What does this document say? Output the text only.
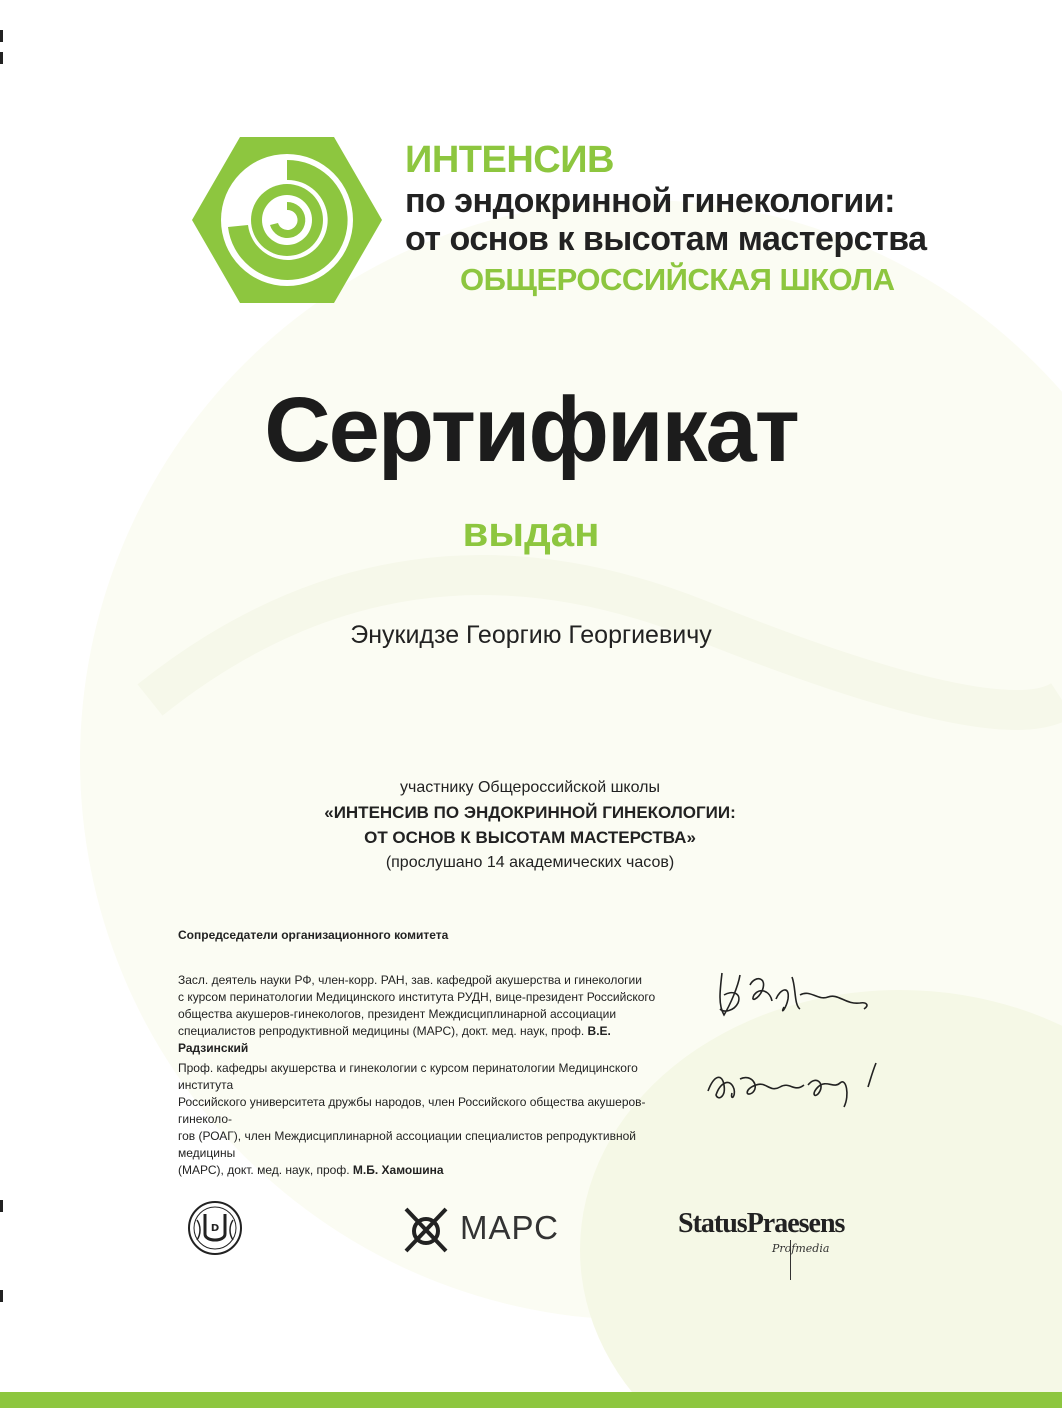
ИНТЕНСИВ
по эндокринной гинекологии:
от основ к высотам мастерства
ОБЩЕРОССИЙСКАЯ ШКОЛА
Сертификат
выдан
Энукидзе Георгию Георгиевичу
участнику Общероссийской школы
«ИНТЕНСИВ ПО ЭНДОКРИННОЙ ГИНЕКОЛОГИИ:
ОТ ОСНОВ К ВЫСОТАМ МАСТЕРСТВА»
(прослушано 14 академических часов)
Сопредседатели организационного комитета
Засл. деятель науки РФ, член-корр. РАН, зав. кафедрой акушерства и гинекологии
с курсом перинатологии Медицинского института РУДН, вице-президент Российского
общества акушеров-гинекологов, президент Междисциплинарной ассоциации
специалистов репродуктивной медицины (МАРС), докт. мед. наук, проф. В.Е. Радзинский
Проф. кафедры акушерства и гинекологии с курсом перинатологии Медицинского института
Российского университета дружбы народов, член Российского общества акушеров-гинеколо-
гов (РОАГ), член Междисциплинарной ассоциации специалистов репродуктивной медицины
(МАРС), докт. мед. наук, проф. М.Б. Хамошина
D	МАРС	StatusPraesens
Profmedia
